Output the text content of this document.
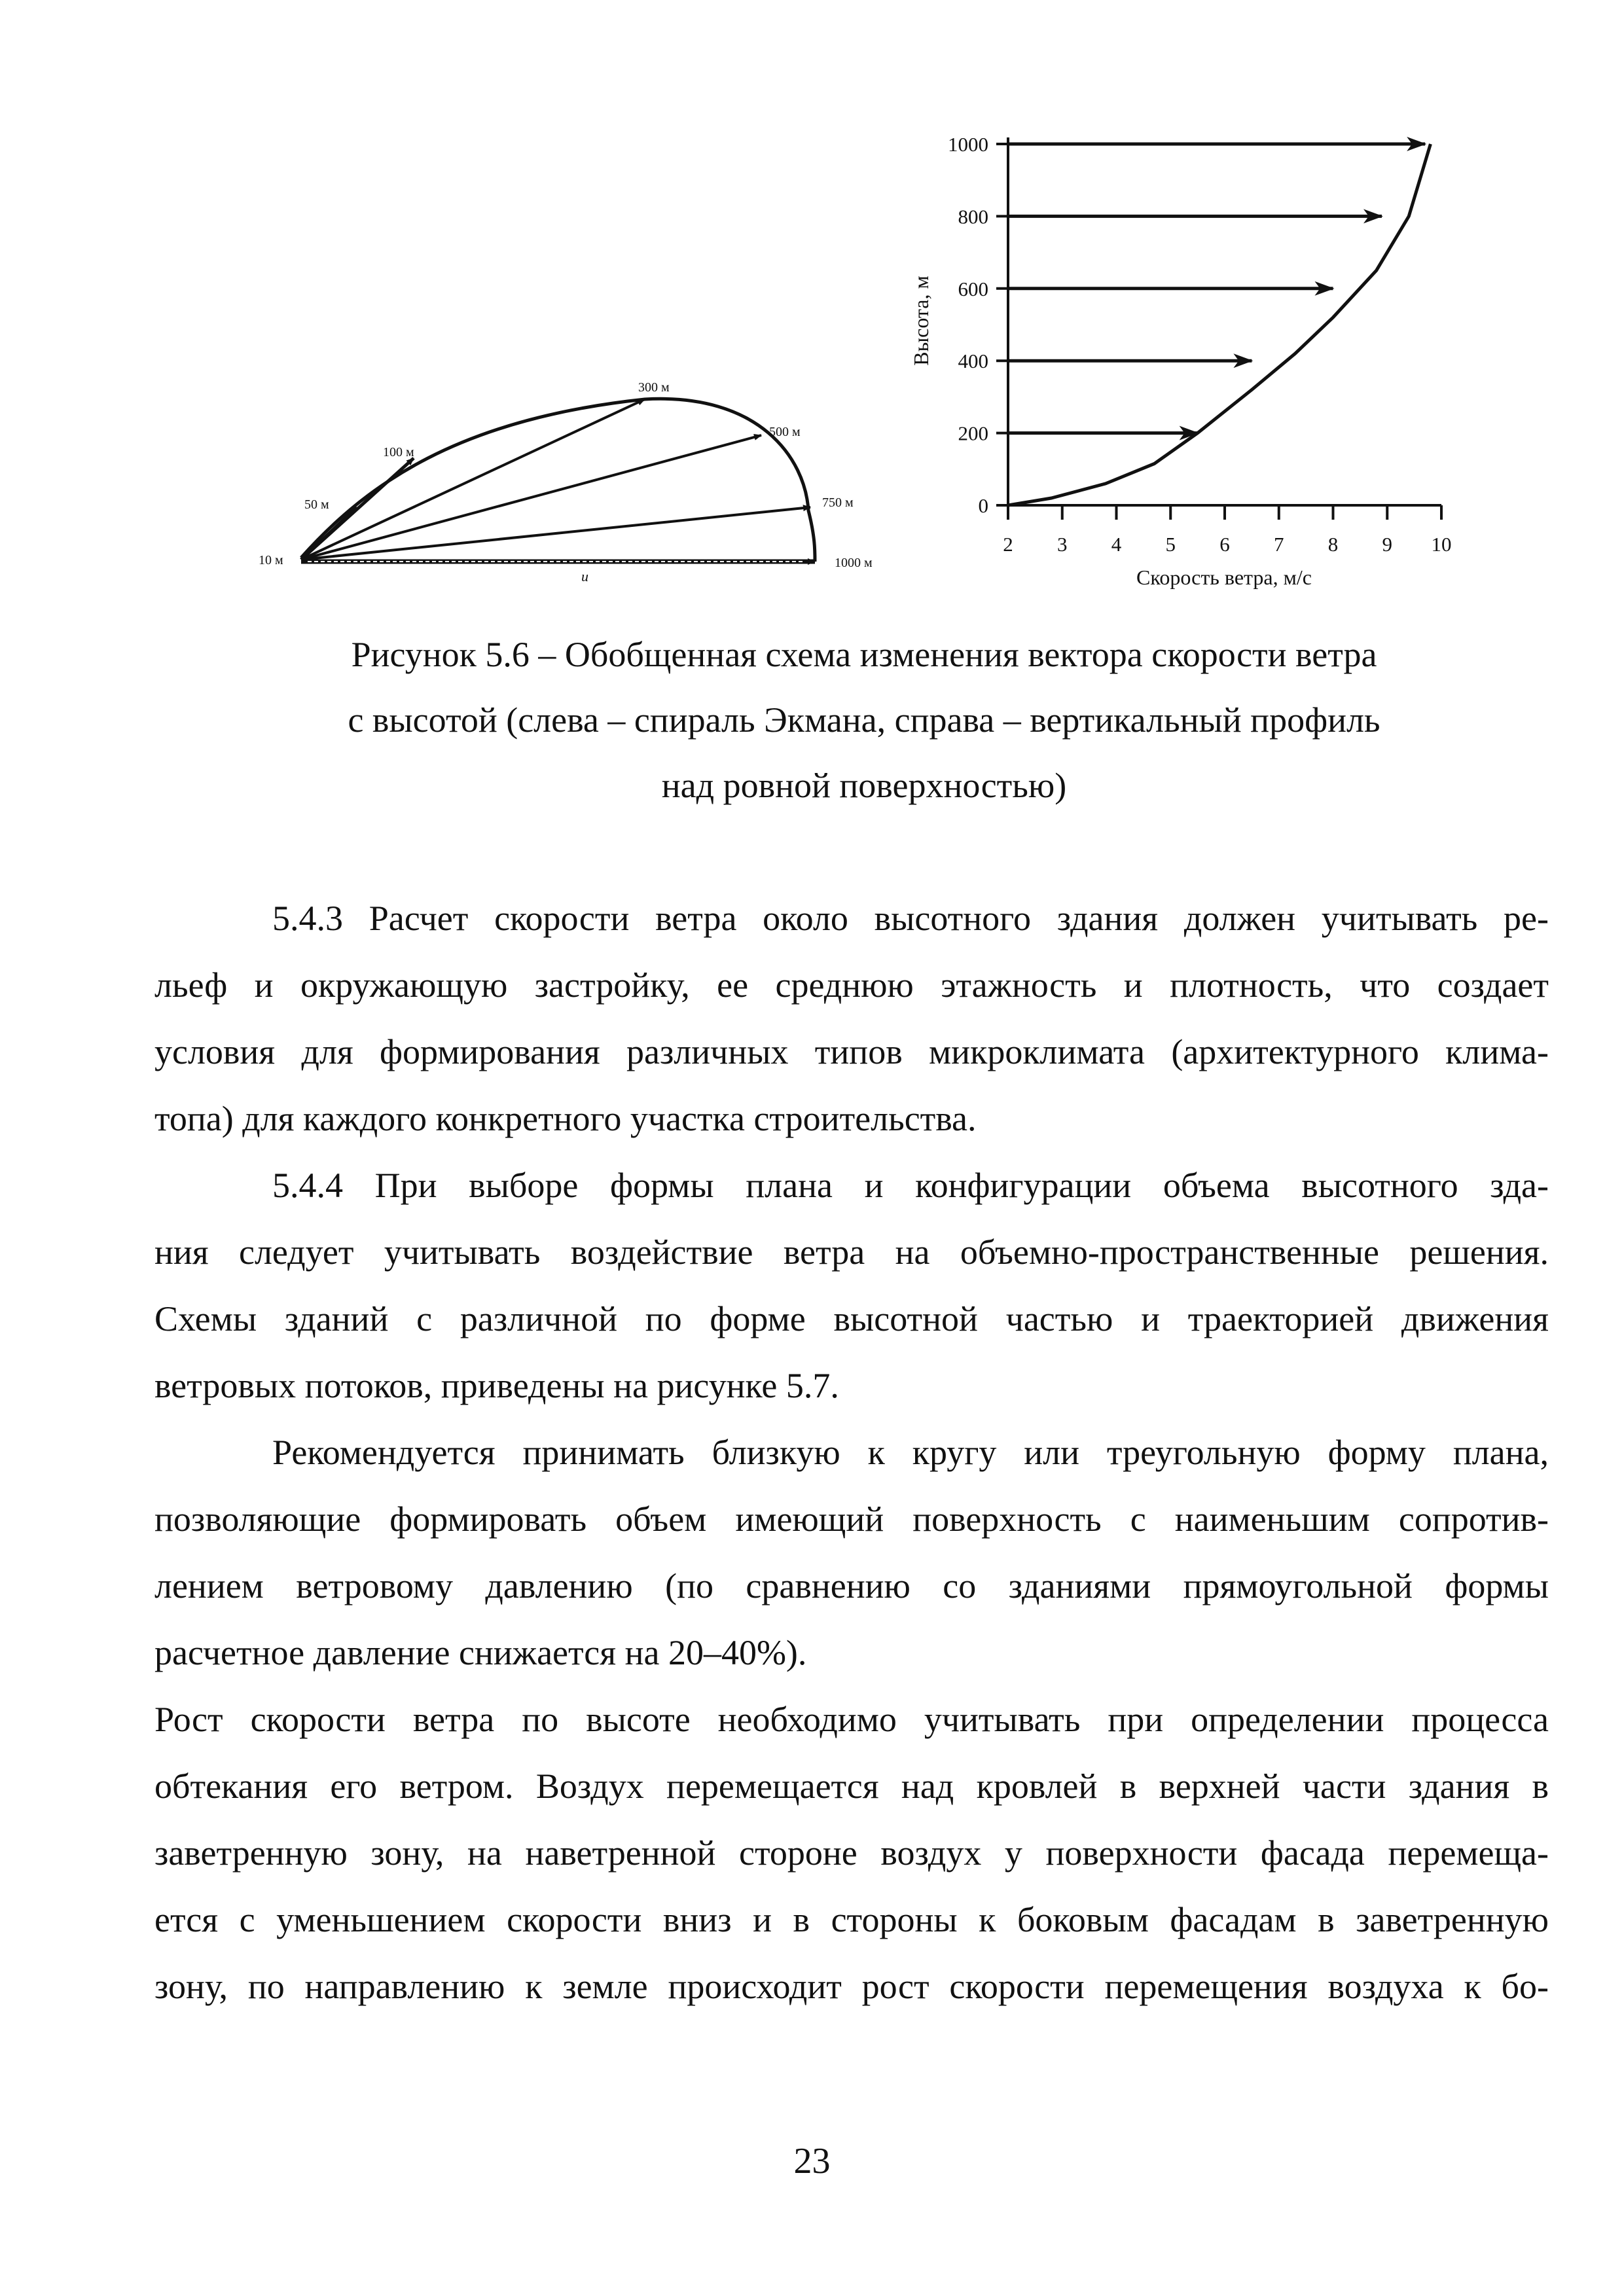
10 м
50 м
100 м
300 м
500 м
750 м
1000 м
u
0
200
400
600
800
1000
2 3 4 5 6 7 8 9 10
Высота, м
Скорость ветра, м/с
Рисунок 5.6 – Обобщенная схема изменения вектора скорости ветра
с высотой (слева – спираль Экмана, справа – вертикальный профиль
над ровной поверхностью)
5.4.3 Расчет скорости ветра около высотного здания должен учитывать ре-
льеф и окружающую застройку, ее среднюю этажность и плотность, что создает
условия для формирования различных типов микроклимата (архитектурного клима-
топа) для каждого конкретного участка строительства.
5.4.4 При выборе формы плана и конфигурации объема высотного зда-
ния следует учитывать воздействие ветра на объемно-пространственные решения.
Схемы зданий с различной по форме высотной частью и траекторией движения
ветровых потоков, приведены на рисунке 5.7.
Рекомендуется принимать близкую к кругу или треугольную форму плана,
позволяющие формировать объем имеющий поверхность с наименьшим сопротив-
лением ветровому давлению (по сравнению со зданиями прямоугольной формы
расчетное давление снижается на 20–40%).
Рост скорости ветра по высоте необходимо учитывать при определении процесса
обтекания его ветром. Воздух перемещается над кровлей в верхней части здания в
заветренную зону, на наветренной стороне воздух у поверхности фасада перемеща-
ется с уменьшением скорости вниз и в стороны к боковым фасадам в заветренную
зону, по направлению к земле происходит рост скорости перемещения воздуха к бо-
23
